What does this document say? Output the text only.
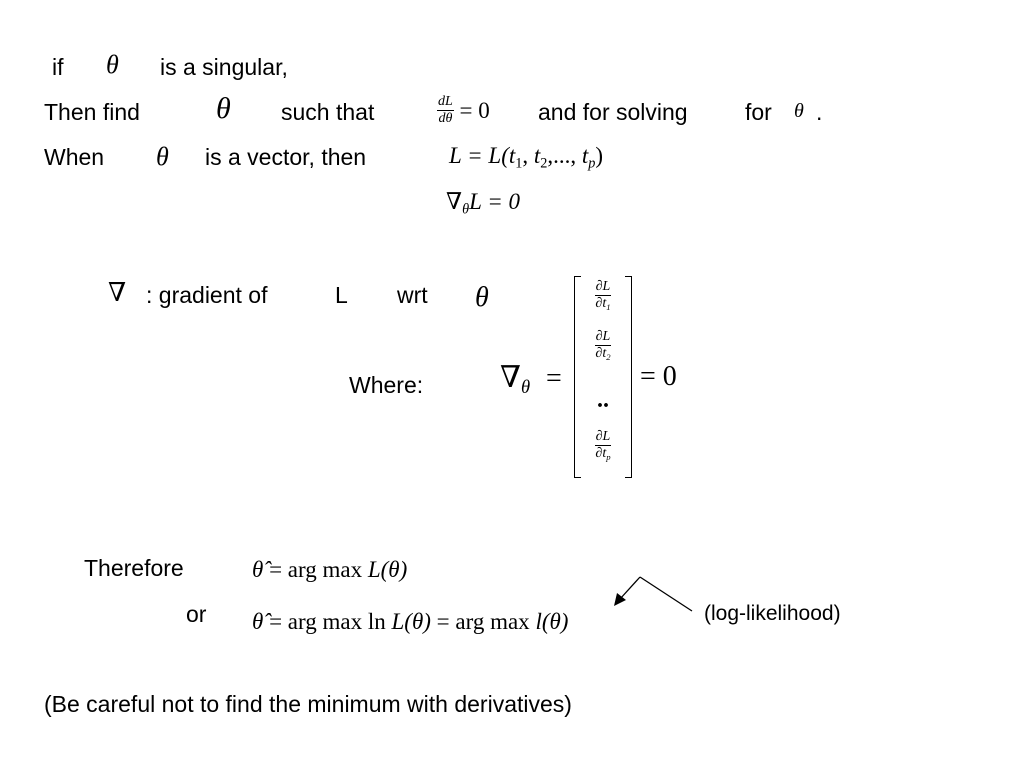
if θ is a singular,
Then find	θ such that	$\frac{dL}{d\theta} = 0$ and for solving for θ .
When θ is a vector, then	$L = L(t_1$, $t_2$,..., $t_p$)
$\nabla_\theta L = 0$
∇ : gradient of	L wrt θ
Where:	$\nabla_\theta$ =
$\frac{\partial L}{\partial t_1}$
$\frac{\partial L}{\partial t_2}$
..
$\frac{\partial L}{\partial t_p}$
= 0
Therefore	θ̂ = arg max L(θ)
or θ̂ = arg max ln L(θ) = arg max l(θ)	(log-likelihood)
(Be careful not to find the minimum with derivatives)
